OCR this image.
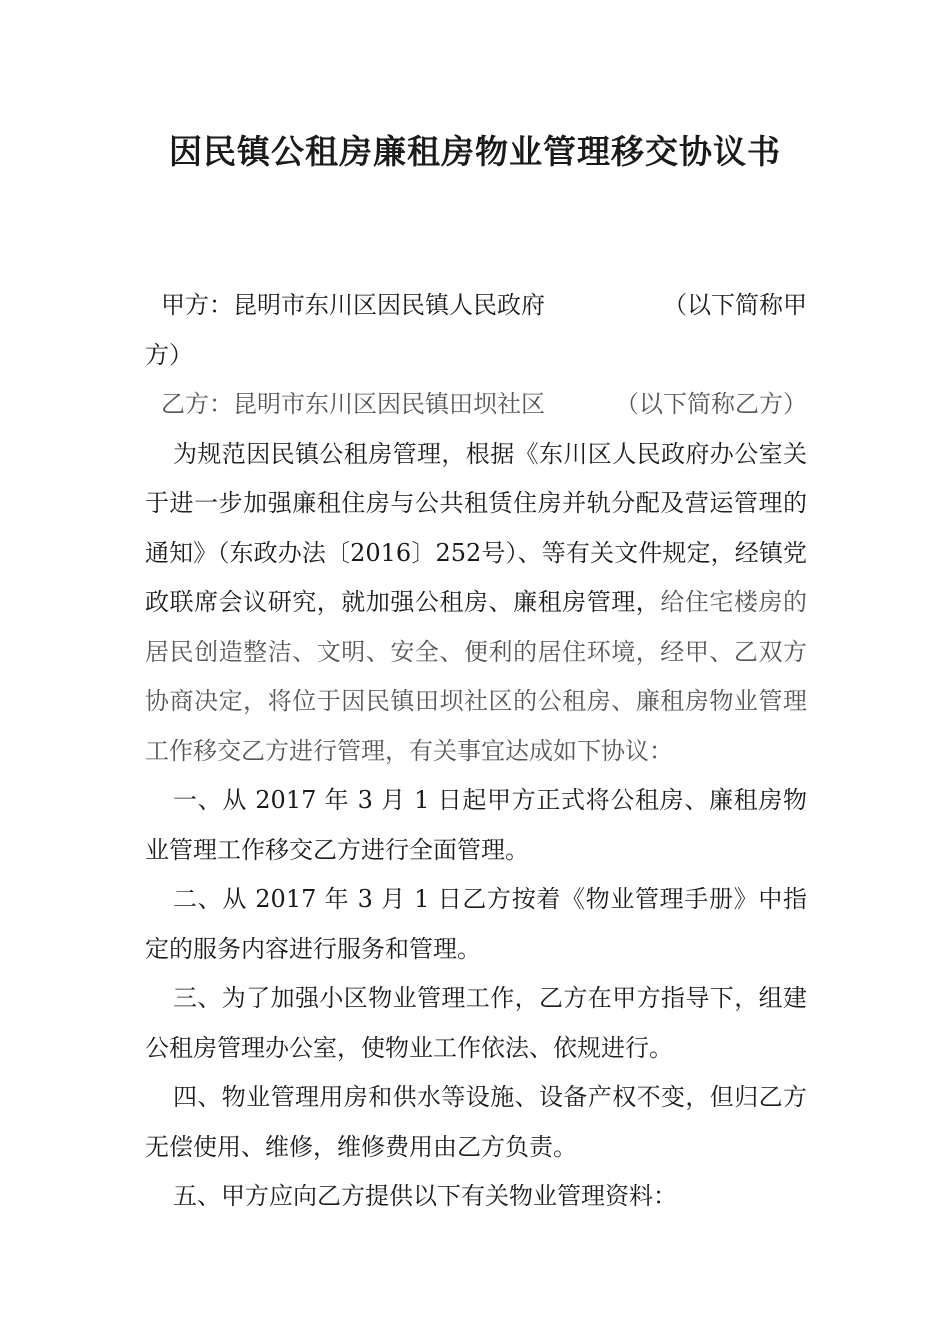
因民镇公租房廉租房物业管理移交协议书

甲方：昆明市东川区因民镇人民政府	（以下简称甲

方）

乙方：昆明市东川区因民镇田坝社区	（以下简称乙方）

为规范因民镇公租房管理，根据《东川区人民政府办公室关于进一步加强廉租住房与公共租赁住房并轨分配及营运管理的通知》（东政办法〔2016〕252号）、等有关文件规定，经镇党政联席会议研究，就加强公租房、廉租房管理，给住宅楼房的居民创造整洁、文明、安全、便利的居住环境，经甲、乙双方协商决定，将位于因民镇田坝社区的公租房、廉租房物业管理工作移交乙方进行管理，有关事宜达成如下协议：

一、从 2017 年 3 月 1 日起甲方正式将公租房、廉租房物业管理工作移交乙方进行全面管理。

二、从 2017 年 3 月 1 日乙方按着《物业管理手册》中指定的服务内容进行服务和管理。

三、为了加强小区物业管理工作，乙方在甲方指导下，组建公租房管理办公室，使物业工作依法、依规进行。

四、物业管理用房和供水等设施、设备产权不变，但归乙方无偿使用、维修，维修费用由乙方负责。

五、甲方应向乙方提供以下有关物业管理资料：
